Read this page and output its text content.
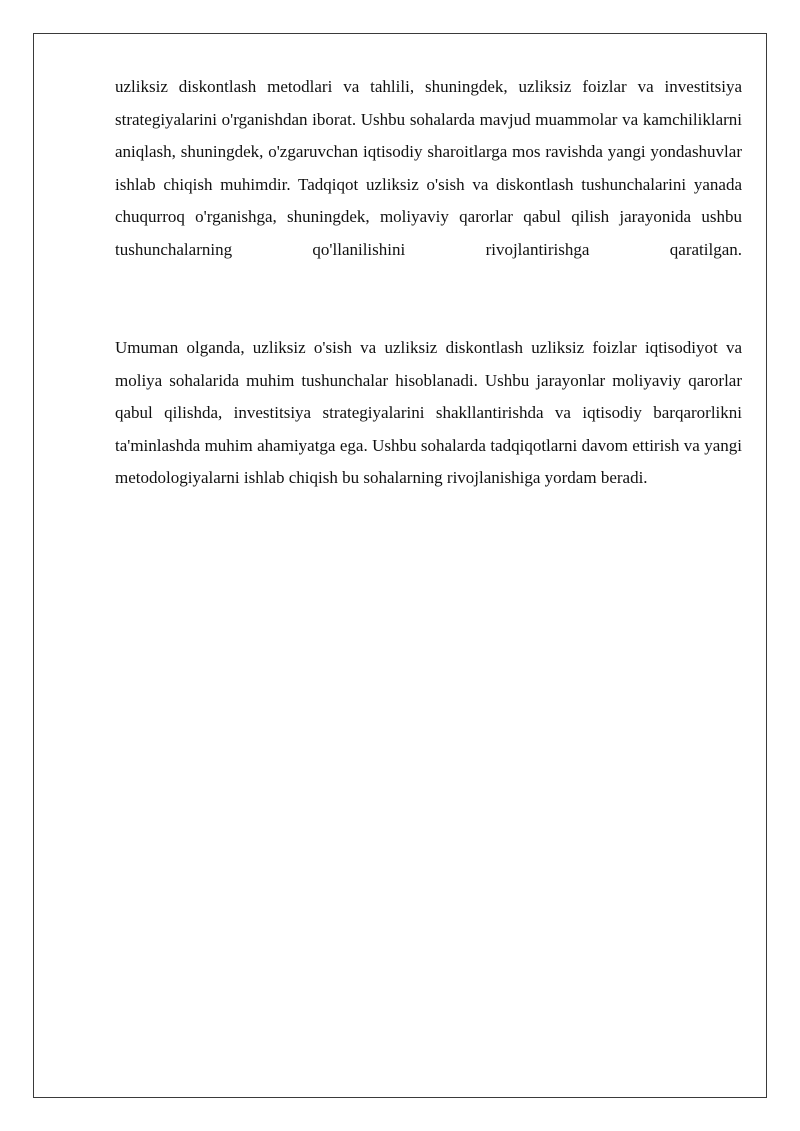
uzliksiz diskontlash metodlari va tahlili, shuningdek, uzliksiz foizlar va investitsiya strategiyalarini o'rganishdan iborat. Ushbu sohalarda mavjud muammolar va kamchiliklarni aniqlash, shuningdek, o'zgaruvchan iqtisodiy sharoitlarga mos ravishda yangi yondashuvlar ishlab chiqish muhimdir. Tadqiqot uzliksiz o'sish va diskontlash tushunchalarini yanada chuqurroq o'rganishga, shuningdek, moliyaviy qarorlar qabul qilish jarayonida ushbu tushunchalarning qo'llanilishini rivojlantirishga qaratilgan.

Umuman olganda, uzliksiz o'sish va uzliksiz diskontlash uzliksiz foizlar iqtisodiyot va moliya sohalarida muhim tushunchalar hisoblanadi. Ushbu jarayonlar moliyaviy qarorlar qabul qilishda, investitsiya strategiyalarini shakllantirishda va iqtisodiy barqarorlikni ta'minlashda muhim ahamiyatga ega. Ushbu sohalarda tadqiqotlarni davom ettirish va yangi metodologiyalarni ishlab chiqish bu sohalarning rivojlanishiga yordam beradi.
